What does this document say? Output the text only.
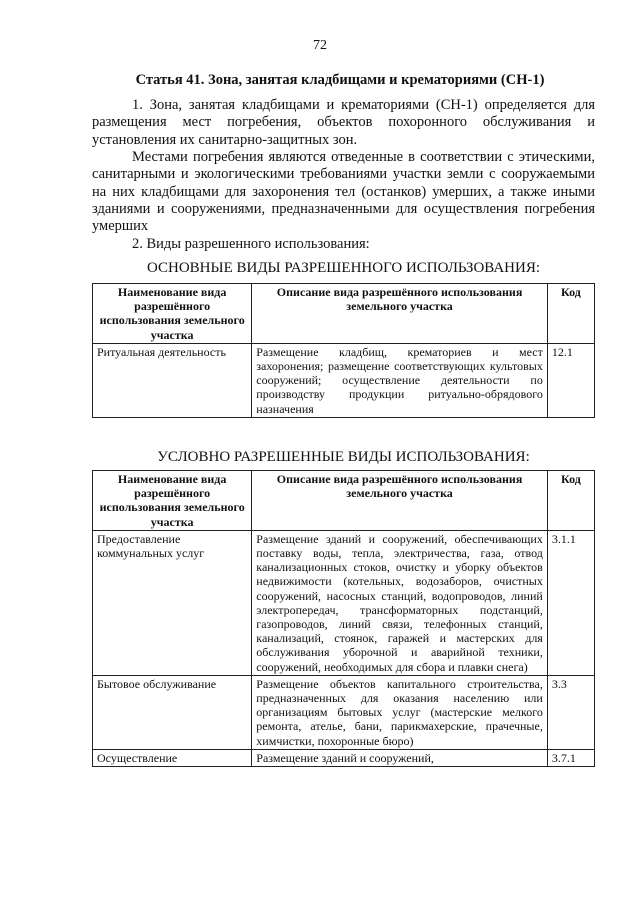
72
Статья 41. Зона, занятая кладбищами и крематориями (СН-1)
1. Зона, занятая кладбищами и крематориями (СН-1) определяется для размещения мест погребения, объектов похоронного обслуживания и установления их санитарно-защитных зон.
Местами погребения являются отведенные в соответствии с этическими, санитарными и экологическими требованиями участки земли с сооружаемыми на них кладбищами для захоронения тел (останков) умерших, а также иными зданиями и сооружениями, предназначенными для осуществления погребения умерших
2. Виды разрешенного использования:
ОСНОВНЫЕ ВИДЫ РАЗРЕШЕННОГО ИСПОЛЬЗОВАНИЯ:
Наименование вида разрешённого использования земельного участка	Описание вида разрешённого использования земельного участка	Код
Ритуальная деятельность	Размещение кладбищ, крематориев и мест захоронения; размещение соответствующих культовых сооружений; осуществление деятельности по производству продукции ритуально-обрядового назначения	12.1
УСЛОВНО РАЗРЕШЕННЫЕ ВИДЫ ИСПОЛЬЗОВАНИЯ:
Наименование вида разрешённого использования земельного участка	Описание вида разрешённого использования земельного участка	Код
Предоставление коммунальных услуг	Размещение зданий и сооружений, обеспечивающих поставку воды, тепла, электричества, газа, отвод канализационных стоков, очистку и уборку объектов недвижимости (котельных, водозаборов, очистных сооружений, насосных станций, водопроводов, линий электропередач, трансформаторных подстанций, газопроводов, линий связи, телефонных станций, канализаций, стоянок, гаражей и мастерских для обслуживания уборочной и аварийной техники, сооружений, необходимых для сбора и плавки снега)	3.1.1
Бытовое обслуживание	Размещение объектов капитального строительства, предназначенных для оказания населению или организациям бытовых услуг (мастерские мелкого ремонта, ателье, бани, парикмахерские, прачечные, химчистки, похоронные бюро)	3.3
Осуществление	Размещение зданий и сооружений,	3.7.1
